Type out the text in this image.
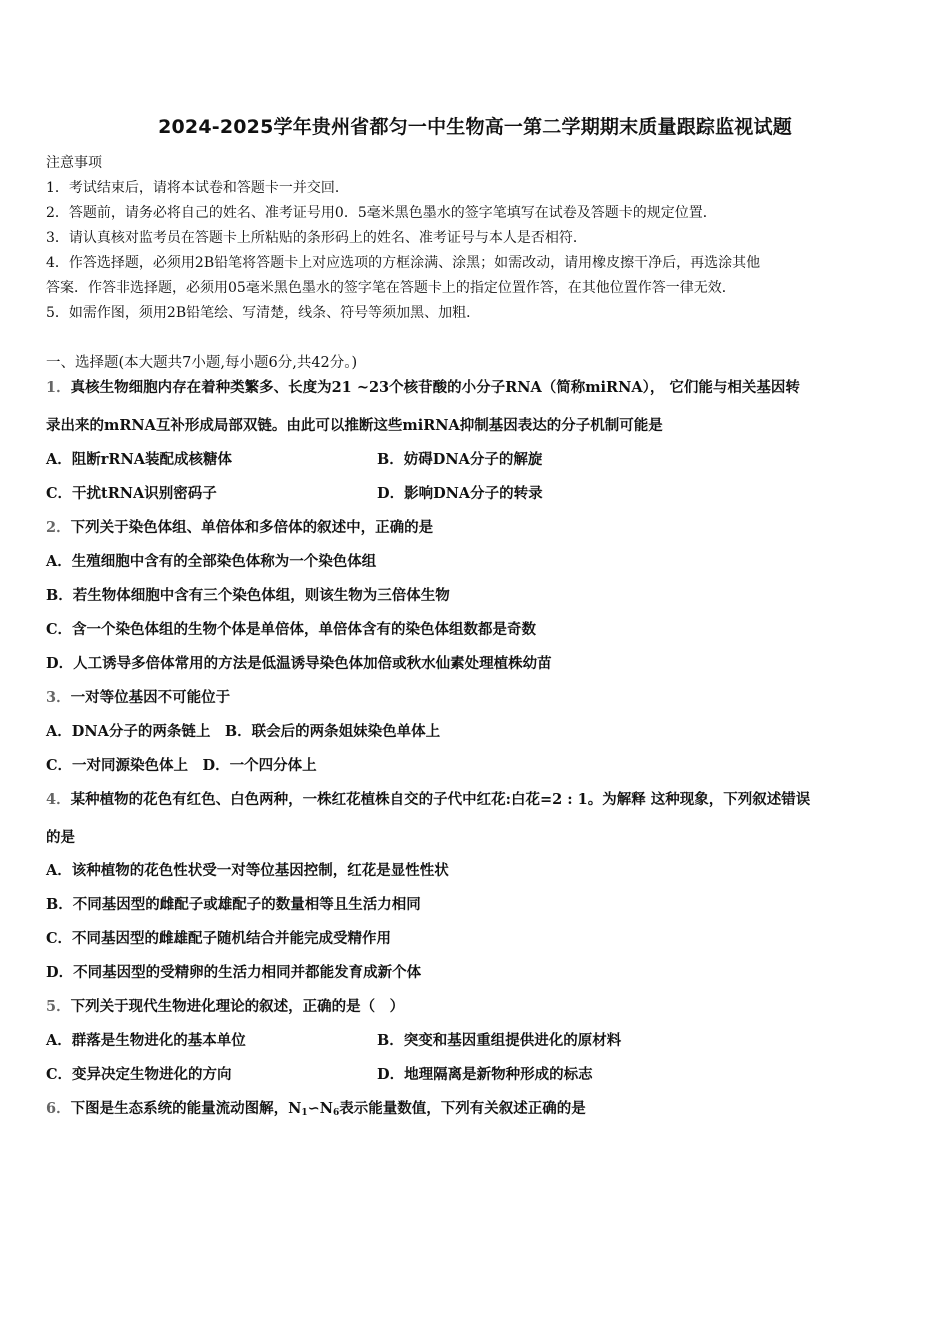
2024-2025学年贵州省都匀一中生物高一第二学期期末质量跟踪监视试题
注意事项
1．考试结束后，请将本试卷和答题卡一并交回．
2．答题前，请务必将自己的姓名、准考证号用0．5毫米黑色墨水的签字笔填写在试卷及答题卡的规定位置．
3．请认真核对监考员在答题卡上所粘贴的条形码上的姓名、准考证号与本人是否相符．
4．作答选择题，必须用2B铅笔将答题卡上对应选项的方框涂满、涂黑；如需改动，请用橡皮擦干净后，再选涂其他
答案．作答非选择题，必须用05毫米黑色墨水的签字笔在答题卡上的指定位置作答，在其他位置作答一律无效．
5．如需作图，须用2B铅笔绘、写清楚，线条、符号等须加黑、加粗．
一、选择题(本大题共7小题,每小题6分,共42分。)
1．真核生物细胞内存在着种类繁多、长度为21 ~23个核苷酸的小分子RNA（简称miRNA）， 它们能与相关基因转
录出来的mRNA互补形成局部双链。由此可以推断这些miRNA抑制基因表达的分子机制可能是
A．阻断rRNA装配成核糖体	B．妨碍DNA分子的解旋
C．干扰tRNA识别密码子	D．影响DNA分子的转录
2．下列关于染色体组、单倍体和多倍体的叙述中，正确的是
A．生殖细胞中含有的全部染色体称为一个染色体组
B．若生物体细胞中含有三个染色体组，则该生物为三倍体生物
C．含一个染色体组的生物个体是单倍体，单倍体含有的染色体组数都是奇数
D．人工诱导多倍体常用的方法是低温诱导染色体加倍或秋水仙素处理植株幼苗
3．一对等位基因不可能位于
A．DNA分子的两条链上　B．联会后的两条姐妹染色单体上
C．一对同源染色体上　D．一个四分体上
4．某种植物的花色有红色、白色两种，一株红花植株自交的子代中红花:白花=2 : 1。为解释 这种现象，下列叙述错误
的是
A．该种植物的花色性状受一对等位基因控制，红花是显性性状
B．不同基因型的雌配子或雄配子的数量相等且生活力相同
C．不同基因型的雌雄配子随机结合并能完成受精作用
D．不同基因型的受精卵的生活力相同并都能发育成新个体
5．下列关于现代生物进化理论的叙述，正确的是（　）
A．群落是生物进化的基本单位	B．突变和基因重组提供进化的原材料
C．变异决定生物进化的方向	D．地理隔离是新物种形成的标志
6．下图是生态系统的能量流动图解，$N_1∽N_6$表示能量数值，下列有关叙述正确的是
